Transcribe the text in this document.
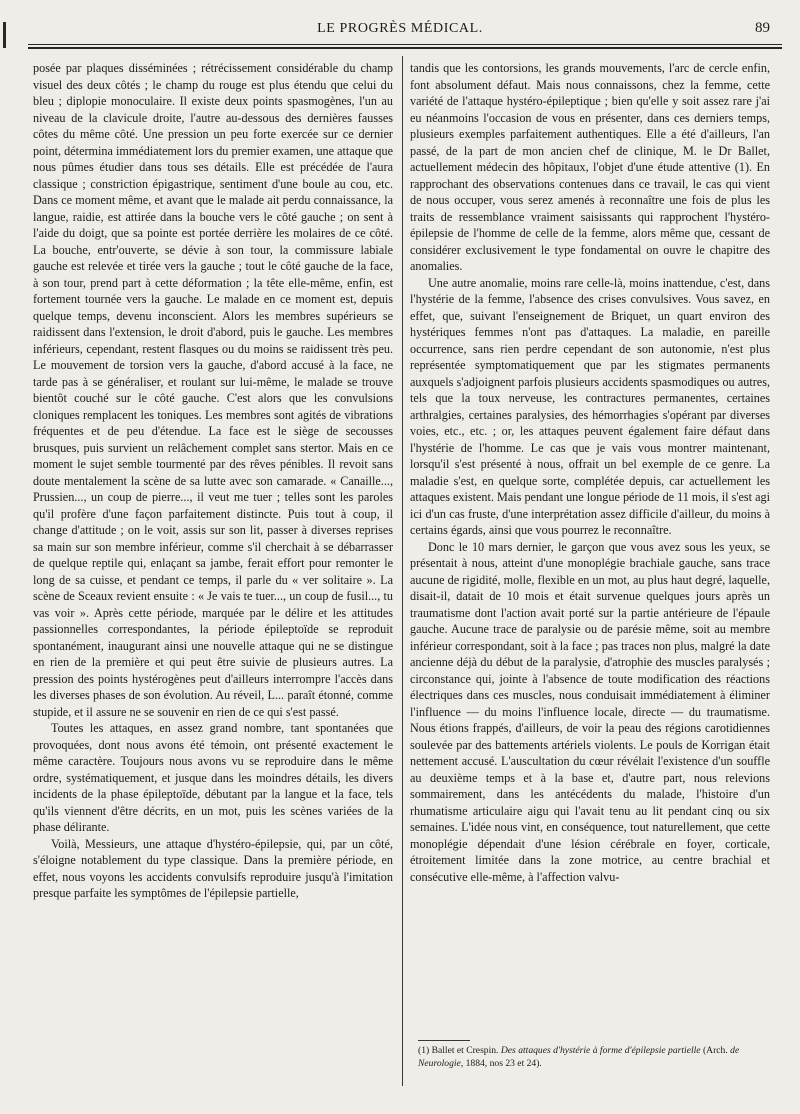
LE PROGRÈS MÉDICAL.	89

posée par plaques disséminées ; rétrécissement considérable du champ visuel des deux côtés ; le champ du rouge est plus étendu que celui du bleu ; diplopie monoculaire. Il existe deux points spasmogènes, l'un au niveau de la clavicule droite, l'autre au-dessous des dernières fausses côtes du même côté. Une pression un peu forte exercée sur ce dernier point, détermina immédiatement lors du premier examen, une attaque que nous pûmes étudier dans tous ses détails. Elle est précédée de l'aura classique ; constriction épigastrique, sentiment d'une boule au cou, etc. Dans ce moment même, et avant que le malade ait perdu connaissance, la langue, raidie, est attirée dans la bouche vers le côté gauche ; on sent à l'aide du doigt, que sa pointe est portée derrière les molaires de ce côté. La bouche, entr'ouverte, se dévie à son tour, la commissure labiale gauche est relevée et tirée vers la gauche ; tout le côté gauche de la face, à son tour, prend part à cette déformation ; la tête elle-même, enfin, est fortement tournée vers la gauche. Le malade en ce moment est, depuis quelque temps, devenu inconscient. Alors les membres supérieurs se raidissent dans l'extension, le droit d'abord, puis le gauche. Les membres inférieurs, cependant, restent flasques ou du moins se raidissent très peu. Le mouvement de torsion vers la gauche, d'abord accusé à la face, ne tarde pas à se généraliser, et roulant sur lui-même, le malade se trouve bientôt couché sur le côté gauche. C'est alors que les convulsions cloniques remplacent les toniques. Les membres sont agités de vibrations fréquentes et de peu d'étendue. La face est le siège de secousses brusques, puis survient un relâchement complet sans stertor. Mais en ce moment le sujet semble tourmenté par des rêves pénibles. Il revoit sans doute mentalement la scène de sa lutte avec son camarade. « Canaille..., Prussien..., un coup de pierre..., il veut me tuer ; telles sont les paroles qu'il profère d'une façon parfaitement distincte. Puis tout à coup, il change d'attitude ; on le voit, assis sur son lit, passer à diverses reprises sa main sur son membre inférieur, comme s'il cherchait à se débarrasser de quelque reptile qui, enlaçant sa jambe, ferait effort pour remonter le long de sa cuisse, et pendant ce temps, il parle du « ver solitaire ». La scène de Sceaux revient ensuite : « Je vais te tuer..., un coup de fusil..., tu vas voir ». Après cette période, marquée par le délire et les attitudes passionnelles correspondantes, la période épileptoïde se reproduit spontanément, inaugurant ainsi une nouvelle attaque qui ne se distingue en rien de la première et qui peut être suivie de plusieurs autres. La pression des points hystérogènes peut d'ailleurs interrompre l'accès dans les diverses phases de son évolution. Au réveil, L... paraît étonné, comme stupide, et il assure ne se souvenir en rien de ce qui s'est passé.

Toutes les attaques, en assez grand nombre, tant spontanées que provoquées, dont nous avons été témoin, ont présenté exactement le même caractère. Toujours nous avons vu se reproduire dans le même ordre, systématiquement, et jusque dans les moindres détails, les divers incidents de la phase épileptoïde, débutant par la langue et la face, tels qu'ils viennent d'être décrits, en un mot, puis les scènes variées de la phase délirante.

Voilà, Messieurs, une attaque d'hystéro-épilepsie, qui, par un côté, s'éloigne notablement du type classique. Dans la première période, en effet, nous voyons les accidents convulsifs reproduire jusqu'à l'imitation presque parfaite les symptômes de l'épilepsie partielle,

tandis que les contorsions, les grands mouvements, l'arc de cercle enfin, font absolument défaut. Mais nous connaissons, chez la femme, cette variété de l'attaque hystéro-épileptique ; bien qu'elle y soit assez rare j'ai eu néanmoins l'occasion de vous en présenter, dans ces derniers temps, plusieurs exemples parfaitement authentiques. Elle a été d'ailleurs, l'an passé, de la part de mon ancien chef de clinique, M. le Dr Ballet, actuellement médecin des hôpitaux, l'objet d'une étude attentive (1). En rapprochant des observations contenues dans ce travail, le cas qui vient de nous occuper, vous serez amenés à reconnaître une fois de plus les traits de ressemblance vraiment saisissants qui rapprochent l'hystéro-épilepsie de l'homme de celle de la femme, alors même que, cessant de considérer exclusivement le type fondamental on ouvre le chapitre des anomalies.

Une autre anomalie, moins rare celle-là, moins inattendue, c'est, dans l'hystérie de la femme, l'absence des crises convulsives. Vous savez, en effet, que, suivant l'enseignement de Briquet, un quart environ des hystériques femmes n'ont pas d'attaques. La maladie, en pareille occurrence, sans rien perdre cependant de son autonomie, n'est plus représentée symptomatiquement que par les stigmates permanents auxquels s'adjoignent parfois plusieurs accidents spasmodiques ou autres, tels que la toux nerveuse, les contractures permanentes, certaines arthralgies, certaines paralysies, des hémorrhagies s'opérant par diverses voies, etc., etc. ; or, les attaques peuvent également faire défaut dans l'hystérie de l'homme. Le cas que je vais vous montrer maintenant, lorsqu'il s'est présenté à nous, offrait un bel exemple de ce genre. La maladie s'est, en quelque sorte, complétée depuis, car actuellement les attaques existent. Mais pendant une longue période de 11 mois, il s'est agi ici d'un cas fruste, d'une interprétation assez difficile d'ailleur, du moins à certains égards, ainsi que vous pourrez le reconnaître.

Donc le 10 mars dernier, le garçon que vous avez sous les yeux, se présentait à nous, atteint d'une monoplégie brachiale gauche, sans trace aucune de rigidité, molle, flexible en un mot, au plus haut degré, laquelle, disait-il, datait de 10 mois et était survenue quelques jours après un traumatisme dont l'action avait porté sur la partie antérieure de l'épaule gauche. Aucune trace de paralysie ou de parésie même, soit au membre inférieur correspondant, soit à la face ; pas traces non plus, malgré la date ancienne déjà du début de la paralysie, d'atrophie des muscles paralysés ; circonstance qui, jointe à l'absence de toute modification des réactions électriques dans ces muscles, nous conduisait immédiatement à éliminer l'influence — du moins l'influence locale, directe — du traumatisme. Nous étions frappés, d'ailleurs, de voir la peau des régions carotidiennes soulevée par des battements artériels violents. Le pouls de Korrigan était nettement accusé. L'auscultation du cœur révélait l'existence d'un souffle au deuxième temps et à la base et, d'autre part, nous relevions sommairement, dans les antécédents du malade, l'histoire d'un rhumatisme articulaire aigu qui l'avait tenu au lit pendant cinq ou six semaines. L'idée nous vint, en conséquence, tout naturellement, que cette monoplégie dépendait d'une lésion cérébrale en foyer, corticale, étroitement limitée dans la zone motrice, au centre brachial et consécutive elle-même, à l'affection valvu-

(1) Ballet et Crespin. Des attaques d'hystérie à forme d'épilepsie partielle (Arch. de Neurologie, 1884, nos 23 et 24).
